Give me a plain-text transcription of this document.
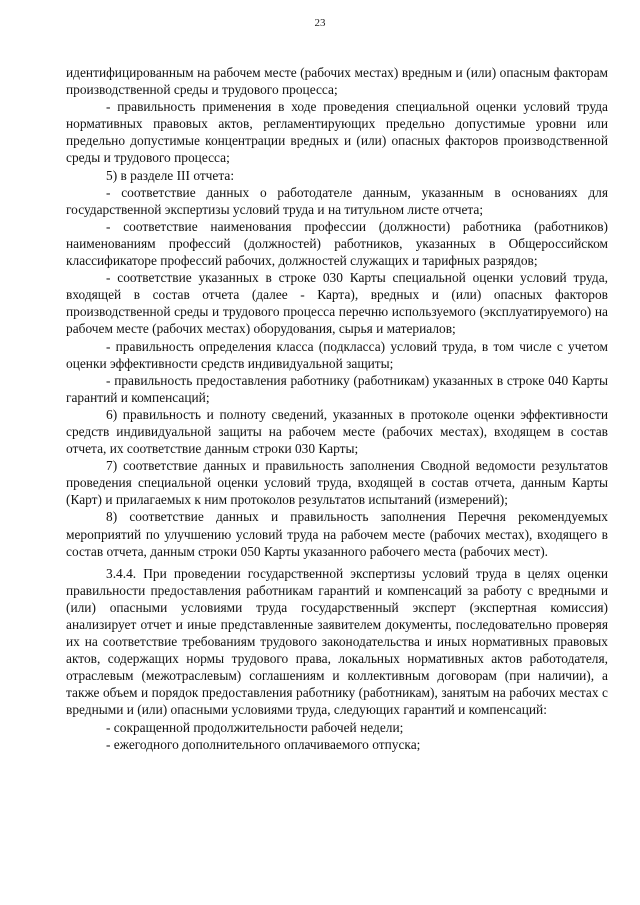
23

идентифицированным на рабочем месте (рабочих местах) вредным и (или) опасным факторам производственной среды и трудового процесса;

- правильность применения в ходе проведения специальной оценки условий труда нормативных правовых актов, регламентирующих предельно допустимые уровни или предельно допустимые концентрации вредных и (или) опасных факторов производственной среды и трудового процесса;

5) в разделе III отчета:

- соответствие данных о работодателе данным, указанным в основаниях для государственной экспертизы условий труда и на титульном листе отчета;

- соответствие наименования профессии (должности) работника (работников) наименованиям профессий (должностей) работников, указанных в Общероссийском классификаторе профессий рабочих, должностей служащих и тарифных разрядов;

- соответствие указанных в строке 030 Карты специальной оценки условий труда, входящей в состав отчета (далее - Карта), вредных и (или) опасных факторов производственной среды и трудового процесса перечню используемого (эксплуатируемого) на рабочем месте (рабочих местах) оборудования, сырья и материалов;

- правильность определения класса (подкласса) условий труда, в том числе с учетом оценки эффективности средств индивидуальной защиты;

- правильность предоставления работнику (работникам) указанных в строке 040 Карты гарантий и компенсаций;

6) правильность и полноту сведений, указанных в протоколе оценки эффективности средств индивидуальной защиты на рабочем месте (рабочих местах), входящем в состав отчета, их соответствие данным строки 030 Карты;

7) соответствие данных и правильность заполнения Сводной ведомости результатов проведения специальной оценки условий труда, входящей в состав отчета, данным Карты (Карт) и прилагаемых к ним протоколов результатов испытаний (измерений);

8) соответствие данных и правильность заполнения Перечня рекомендуемых мероприятий по улучшению условий труда на рабочем месте (рабочих местах), входящего в состав отчета, данным строки 050 Карты указанного рабочего места (рабочих мест).

3.4.4. При проведении государственной экспертизы условий труда в целях оценки правильности предоставления работникам гарантий и компенсаций за работу с вредными и (или) опасными условиями труда государственный эксперт (экспертная комиссия) анализирует отчет и иные представленные заявителем документы, последовательно проверяя их на соответствие требованиям трудового законодательства и иных нормативных правовых актов, содержащих нормы трудового права, локальных нормативных актов работодателя, отраслевым (межотраслевым) соглашениям и коллективным договорам (при наличии), а также объем и порядок предоставления работнику (работникам), занятым на рабочих местах с вредными и (или) опасными условиями труда, следующих гарантий и компенсаций:

- сокращенной продолжительности рабочей недели;

- ежегодного дополнительного оплачиваемого отпуска;
